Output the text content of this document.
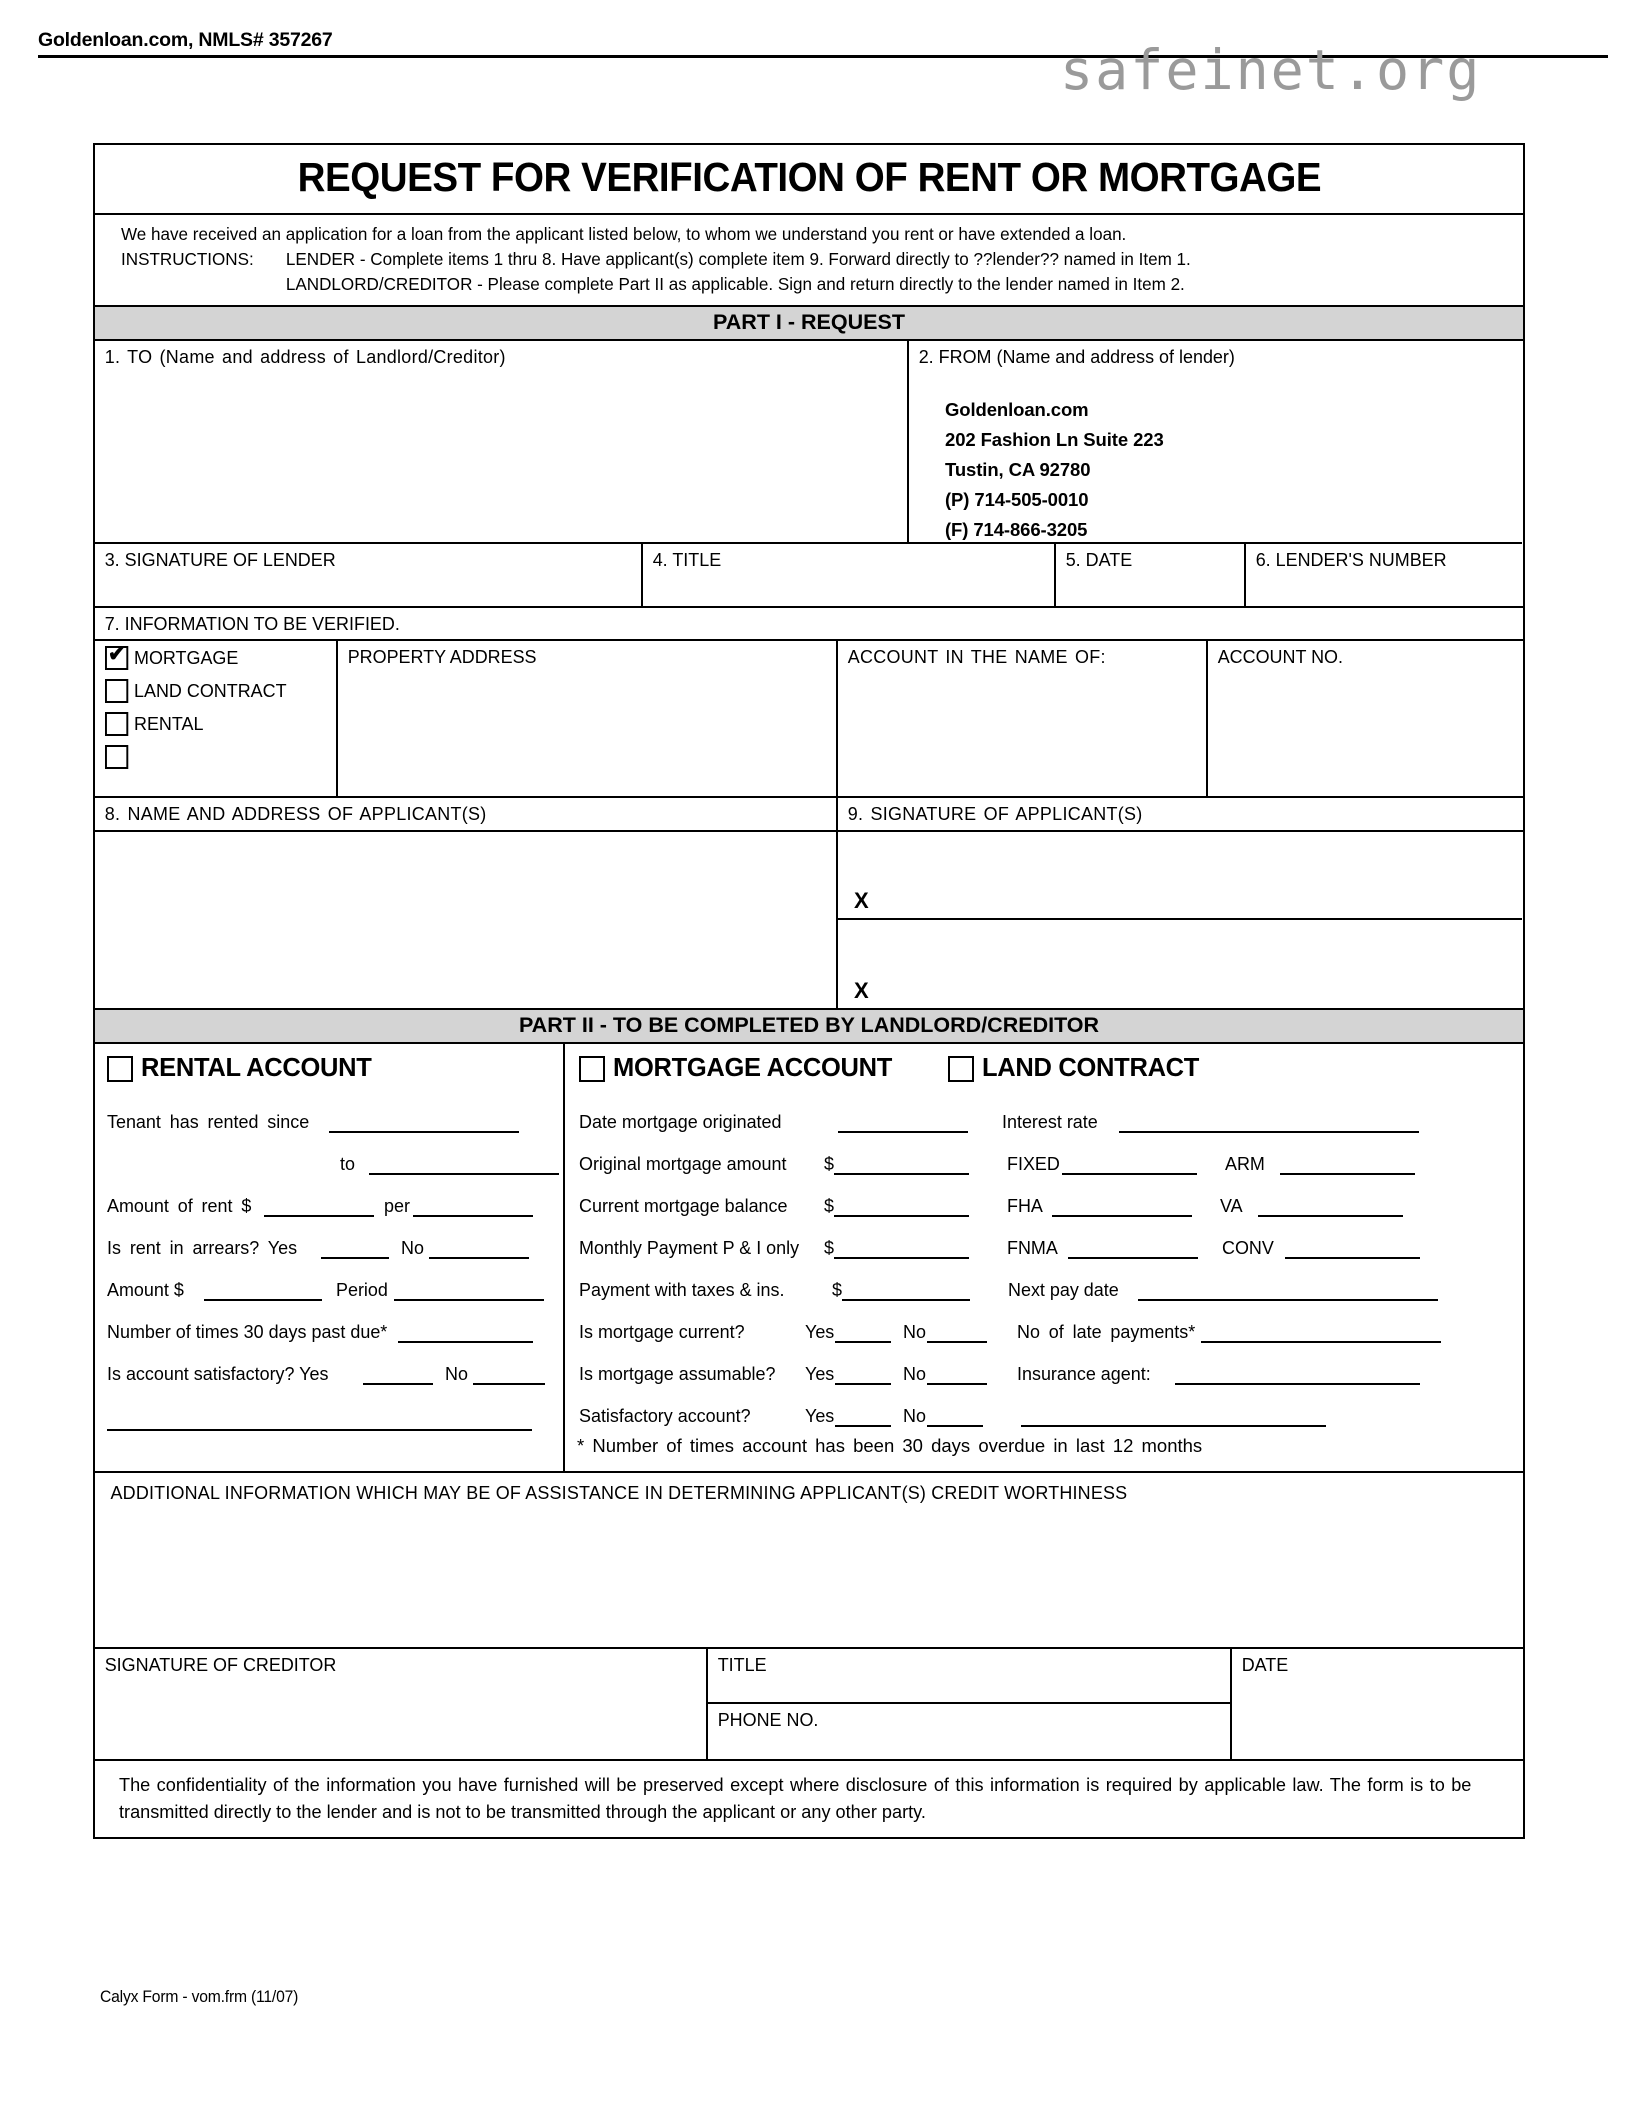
Goldenloan.com, NMLS# 357267	safeinet.org
REQUEST FOR VERIFICATION OF RENT OR MORTGAGE

We have received an application for a loan from the applicant listed below, to whom we understand you rent or have extended a loan.

INSTRUCTIONS: LENDER - Complete items 1 thru 8. Have applicant(s) complete item 9. Forward directly to ??lender?? named in Item 1.

LANDLORD/CREDITOR - Please complete Part II as applicable. Sign and return directly to the lender named in Item 2.

PART I - REQUEST
1. TO (Name and address of Landlord/Creditor)	2. FROM (Name and address of lender)
Goldenloan.com
202 Fashion Ln Suite 223
Tustin, CA 92780
(P) 714-505-0010
(F) 714-866-3205
3. SIGNATURE OF LENDER	4. TITLE	5. DATE	6. LENDER'S NUMBER
7. INFORMATION TO BE VERIFIED.
✔
MORTGAGE
LAND CONTRACT
RENTAL
PROPERTY ADDRESS	ACCOUNT IN THE NAME OF:	ACCOUNT NO.
8. NAME AND ADDRESS OF APPLICANT(S)	9. SIGNATURE OF APPLICANT(S)
X
X
PART II - TO BE COMPLETED BY LANDLORD/CREDITOR
RENTAL ACCOUNT
Tenant has rented since
to
Amount of rent $	per
Is rent in arrears? Yes	No
Amount $	Period
Number of times 30 days past due*
Is account satisfactory? Yes	No
MORTGAGE ACCOUNT	LAND CONTRACT
Date mortgage originated	Interest rate
Original mortgage amount	$	FIXED	ARM
Current mortgage balance	$	FHA	VA
Monthly Payment P & I only	$	FNMA	CONV
Payment with taxes & ins.	$	Next pay date
Is mortgage current?	Yes	No	No of late payments*
Is mortgage assumable?	Yes	No	Insurance agent:
Satisfactory account?	Yes	No
* Number of times account has been 30 days overdue in last 12 months
ADDITIONAL INFORMATION WHICH MAY BE OF ASSISTANCE IN DETERMINING APPLICANT(S) CREDIT WORTHINESS
SIGNATURE OF CREDITOR	TITLE
PHONE NO.
DATE

The confidentiality of the information you have furnished will be preserved except where disclosure of this information is required by applicable law. The form is to be transmitted directly to the lender and is not to be transmitted through the applicant or any other party.

Calyx Form - vom.frm (11/07)
